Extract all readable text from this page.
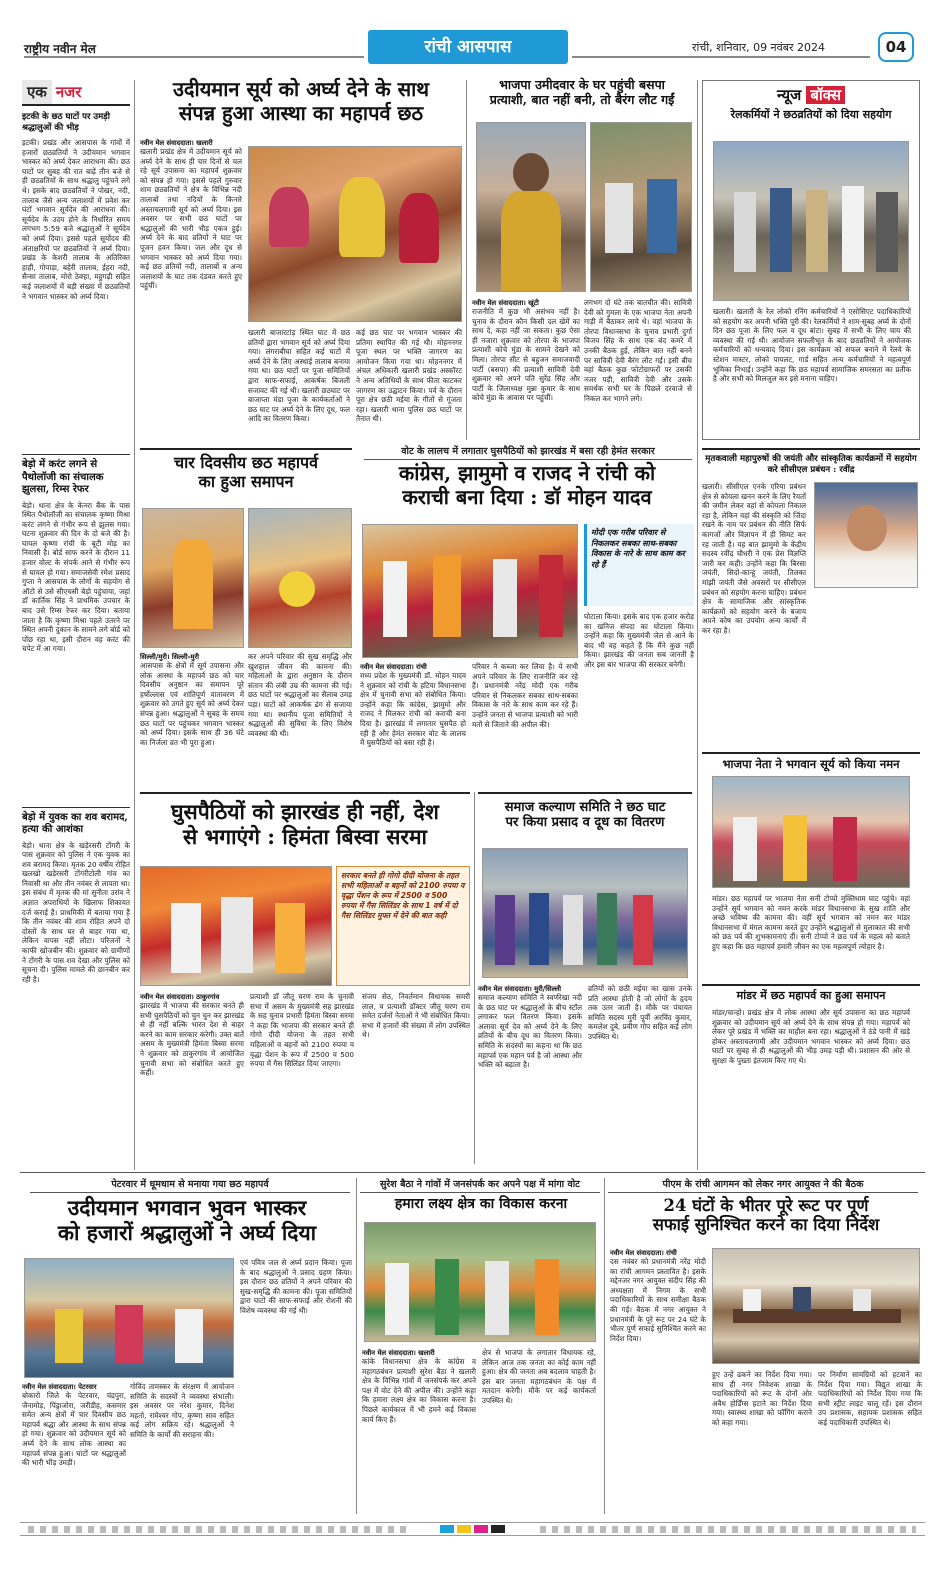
राष्ट्रीय नवीन मेल	रांची आसपास	रांची, शनिवार, 09 नवंबर 2024	04
एक नजर
इटकी के छठ घाटों पर उमड़ी श्रद्धालुओं की भीड़
इटकी। प्रखंड और आसपास के गांवों में हजारों छठव्रतियों ने उदीयमान भगवान भास्कर को अर्घ्य देकर आराधना की। छठ घाटों पर सुबह की रात बाढ़ें तीन बजे से ही छठव्रतियों के साथ श्रद्धालु पहुंचने लगे थे। इसके बाद छठव्रतियों ने पोखर, नदी, तालाब जैसे अन्य जलाशयों में प्रवेश कर घंटों भगवान सूर्यदेव की आराधना की। सूर्यदेव के उदय होने के निर्धारित समय लगभग 5:59 बजे श्रद्धालुओं ने सूर्यदेव को अर्घ्य दिया। इससे पहले सूर्योदय की अंताक्षरियों पर छठव्रतियों ने अर्घ्य दिया। प्रखंड के केशरी तालाब के अतिरिक्त हाही, गोपाड़ा, बहेरी तालाब, ईहरा नदी, सैन्सा तालाब, मोरो ठेक्हा, महुगढ़ी सहित कई जलाशयों में बड़ी संख्या में छठव्रतियों ने भगवान भास्कर को अर्घ्य दिया।
बेड़ो में करंट लगने से पैथोलॉजी का संचालक झुलसा, रिम्स रेफर
बेड़ो। थाना क्षेत्र के केनरा बैंक के पास स्थित पैथोलॉजी का संचालक कृष्णा मिश्रा करंट लगने से गंभीर रूप से झुलस गया। घटना शुक्रवार की दिन के दो बजे की है। घायल कृष्णा रांची के बूटी मोड़ का निवासी है। बोर्ड साफ करने के दौरान 11 हजार वोल्ट के संपर्क आने से गंभीर रूप से घायल हो गया। समाजसेवी रमेश प्रसाद गुप्ता ने आसपास के लोगों के सहयोग से ऑटो से उसे सीएचसी बेड़ो पहुंचाया, जहां डॉ कार्तिक सिंह ने प्राथमिक उपचार के बाद उसे रिम्स रेफर कर दिया। बताया जाता है कि कृष्णा मिश्रा पहले उतरने पर स्थित अपनी दुकान के सामने लगे बोर्ड को पोंछ रहा था, इसी दौरान वह करंट की चपेट में आ गया।
बेड़ो में युवक का शव बरामद, हत्या की आशंका
बेड़ो। थाना क्षेत्र के खड़ेरसरी टोंगरी के पास शुक्रवार को पुलिस ने एक युवक का शव बरामद किया। मृतक 20 वर्षीय रोहित खलखो खड़ेरसरी टोंगरीटोली गांव का निवासी था और तीन नवंबर से लापता था। इस संबंध में मृतक की मां सुनीता उरांव ने अज्ञात अपराधियों के खिलाफ शिकायत दर्ज कराई है। प्राथमिकी में बताया गया है कि तीन नवंबर की शाम रोहित अपने दो दोस्तों के साथ घर से बाहर गया था, लेकिन वापस नहीं लौटा। परिजनों ने काफी खोजबीन की। शुक्रवार को ग्रामीणों ने टोंगरी के पास शव देखा और पुलिस को सूचना दी। पुलिस मामले की छानबीन कर रही है।
उदीयमान सूर्य को अर्घ्य देने के साथ
संपन्न हुआ आस्था का महापर्व छठ
नवीन मेल संवाददाता। खलारी
खलारी प्रखंड क्षेत्र में उदीयमान सूर्य को अर्घ्य देने के साथ ही चार दिनों से चल रहे सूर्य उपासना का महापर्व शुक्रवार को संपन्न हो गया। इससे पहले गुरुवार शाम छठव्रतियों ने क्षेत्र के विभिन्न नदी तालाबों तथा नदियों के किनारे अस्ताचलगामी सूर्य को अर्घ्य दिया। इस अवसर पर सभी छठ घाटों पर श्रद्धालुओं की भारी भीड़ एकत्र हुई। अर्घ्य देने के बाद व्रतियों ने घाट पर पूजन हवन किया। जल और दूध से भगवान भास्कर को अर्घ्य दिया गया। कई छठ व्रतियों नदी, तालाबों व अन्य जलाशयों के घाट तक दंडवत करते हुए पहुंचीं।
खलारी बाजारटांड़ स्थित घाट में छठ व्रतियों द्वारा भगवान सूर्य को अर्घ्य दिया गया। लंगराबीघा सहित कई घाटों में अर्घ्य देने के लिए अस्थाई तालाब बनाया गया था। छठ घाटों पर पूजा समितियों द्वारा साफ-सफाई, आकर्षक बिजली सजावट की गई थी। खलारी छठघाट पर बाजाप्ता मंडा पूजा के कार्यकर्ताओं ने छठ घाट पर अर्घ्य देने के लिए दूध, फल आदि का वितरण किया।
कई छठ घाट पर भगवान भास्कर की प्रतिमा स्थापित की गई थी। मोहननगर पूजा स्थल पर भक्ति जागरण का आयोजन किया गया था। मोहननगर में अंचल अधिकारी खलारी प्रखंड अस्कॉरट ने अन्य अतिथियों के साथ फीता काटकर जागरण का उद्घाटन किया। पर्व के दौरान पूरा क्षेत्र छठी मईया के गीतों से गूंजता रहा। खलारी थाना पुलिस छठ घाटों पर तैनात थी।
भाजपा उमीदवार के घर पहुंची बसपा
प्रत्याशी, बात नहीं बनी, तो बैरंग लौट गईं
नवीन मेल संवाददाता। खूंटी
राजनीति में कुछ भी असंभव नहीं है। चुनाव के दौरान कौन किसी दल खेमें का साथ दे, कहा नहीं जा सकता। कुछ ऐसा ही नजारा शुक्रवार को तोरपा के भाजपा प्रत्याशी कोचे मुंडा के सामने देखने को मिला। तोरपा सीट से बहुजन समाजवादी पार्टी (बसपा) की प्रत्याशी सावित्री देवी शुक्रवार को अपने पति सुरेंद्र सिंह और पार्टी के जिलाध्यक्ष मुन्ना कुमार के साथ कोचे मुंडा के आवास पर पहुंचीं।
लगभग दो घंटे तक बातचीत की। सावित्री देवी को गुमला के एक भाजपा नेता अपनी गाड़ी में बैठाकर लाये थे। वहां भाजपा के तोरपा विधानसभा के चुनाव प्रभारी दुर्गा विजय सिंह के साथ एक बंद कमरे में उनकी बैठक हुई, लेकिन बात नहीं बनने पर सावित्री देवी बैरंग लौट गईं। इसी बीच वहां बैठक कुछ फोटोग्राफरों पर उसकी नजर पड़ी, सावित्री देवी और उसके समर्थक सभी घर के पिछले दरवाजे से निकल कर भागने लगे।
न्यूज बॉक्स
रेलकर्मियों ने छठव्रतियों को दिया सहयोग
खलारी। खलारी के रेल लोको रनिंग कर्मचारियों ने एसोसिएट पदाधिकारियों को सहयोग कर अपनी भक्ति पूरी की। रेलकर्मियों ने शाम-सुबह अर्घ्य के दोनों दिन छठ पूजा के लिए फल व दूध बांटा। सुबह में सभी के लिए चाय की व्यवस्था की गई थी। आयोजन सफलीभूत के बाद छठव्रतियों ने आयोजक कर्मचारियों को धन्यवाद दिया। इस कार्यक्रम को सफल बनाने में रेलवे के स्टेशन मास्टर, लोको पायलट, गार्ड सहित अन्य कर्मचारियों ने महत्वपूर्ण भूमिका निभाई। उन्होंने कहा कि छठ महापर्व सामाजिक समरसता का प्रतीक है और सभी को मिलजुल कर इसे मनाना चाहिए।
मृतकवाली महापुरुषों की जयंती और सांस्कृतिक कार्यक्रमों में सहयोग करे सीसीएल प्रबंधन : रवींद्र
खलारी। सीसीएल एनके एरिया प्रबंधन क्षेत्र से कोयला खनन करने के लिए रैयतों की जमीन लेकर वहां से कोयला निकाल रहा है, लेकिन वहां की संस्कृति को जिंदा रखने के नाम पर प्रबंधन की नीति सिर्फ कागजों और विज्ञापन में ही सिमट कर रह जाती है। यह बात झामुमो के केंद्रीय सदस्य रवींद्र चौधरी ने एक प्रेस विज्ञप्ति जारी कर कही। उन्होंने कहा कि बिरसा जयंती, सिदो-कान्हू जयंती, तिलका मांझी जयंती जैसे अवसरों पर सीसीएल प्रबंधन को सहयोग करना चाहिए। प्रबंधन क्षेत्र के सामाजिक और सांस्कृतिक कार्यक्रमों को सहयोग करने के बजाय अपने कोष का उपयोग अन्य कार्यों में कर रहा है।
भाजपा नेता ने भगवान सूर्य को किया नमन
मांडर। छठ महापर्व पर भाजपा नेता सनी टोप्पो मुक्तिधाम घाट पहुंचे। वहां उन्होंने सूर्य भगवान को नमन करके मांडर विधानसभा के सुख शांति और अच्छे भविष्य की कामना की। वहीं सूर्य भगवान को नमन कर मांडर विधानसभा में मंगल कामना करते हुए उन्होंने श्रद्धालुओं से मुलाकात की सभी को छठ पर्व की शुभकामनाएं दीं। सनी टोप्पो ने छठ पर्व के महत्व को बताते हुए कहा कि छठ महापर्व हमारी जीवन का एक महत्वपूर्ण त्योहार है।
मांडर में छठ महापर्व का हुआ समापन
मांडर/चान्हो। प्रखंड क्षेत्र में लोक आस्था और सूर्य उपासना का छठ महापर्व शुक्रवार को उदीयमान सूर्य को अर्घ्य देने के साथ संपन्न हो गया। महापर्व को लेकर पूरे प्रखंड में भक्ति का माहौल बना रहा। श्रद्धालुओं ने ठंडे पानी में खड़े होकर अस्ताचलगामी और उदीयमान भगवान भास्कर को अर्घ्य दिया। छठ घाटों पर सुबह से ही श्रद्धालुओं की भीड़ उमड़ पड़ी थी। प्रशासन की ओर से सुरक्षा के पुख्ता इंतजाम किए गए थे।
चार दिवसीय छठ महापर्व
का हुआ समापन
सिल्ली/मुरी। सिल्ली-मुरी
आसपास के क्षेत्रों में सूर्य उपासना और लोक आस्था के महापर्व छठ को चार दिवसीय अनुष्ठान का समापन पूरे हर्षोल्लास एवं शांतिपूर्ण वातावरण में शुक्रवार को उगते हुए सूर्य को अर्घ्य देकर संपन्न हुआ। श्रद्धालुओं ने सुबह के समय छठ घाटों पर पहुंचकर भगवान भास्कर को अर्घ्य दिया। इसके साथ ही 36 घंटे का निर्जला व्रत भी पूरा हुआ।
कर अपने परिवार की सुख समृद्धि और खुशहाल जीवन की कामना की। महिलाओं के द्वारा अनुष्ठान के दौरान संतान की लंबी उम्र की कामना की गई। छठ घाटों पर श्रद्धालुओं का सैलाब उमड़ पड़ा। घाटों को आकर्षक ढंग से सजाया गया था। स्थानीय पूजा समितियों ने श्रद्धालुओं की सुविधा के लिए विशेष व्यवस्था की थी।
वोट के लालच में लगातार घुसपैठियों को झारखंड में बसा रही हेमंत सरकार
कांग्रेस, झामुमो व राजद ने रांची को
कराची बना दिया : डॉ मोहन यादव
मोदी एक गरीब परिवार से निकलकर सबका साथ-सबका विकास के नारे के साथ काम कर रहे हैं
घोटाला किया। इसके बाद एक हजार करोड़ का खनिज संपदा का घोटाला किया। उन्होंने कहा कि मुख्यमंत्री जेल से आने के बाद भी वह कहते हैं कि मैंने कुछ नहीं किया। झारखंड की जनता सब जानती है और इस बार भाजपा की सरकार बनेगी।
नवीन मेल संवाददाता। रांची
मध्य प्रदेश के मुख्यमंत्री डॉ. मोहन यादव ने शुक्रवार को रांची के हटिया विधानसभा क्षेत्र में चुनावी सभा को संबोधित किया। उन्होंने कहा कि कांग्रेस, झामुमो और राजद ने मिलकर रांची को कराची बना दिया है। झारखंड में लगातार घुसपैठ हो रही है और हेमंत सरकार वोट के लालच में घुसपैठियों को बसा रही है।
परिवार ने कब्जा कर लिया है। ये सभी अपने परिवार के लिए राजनीति कर रहे हैं। प्रधानमंत्री नरेंद्र मोदी एक गरीब परिवार से निकलकर सबका साथ-सबका विकास के नारे के साथ काम कर रहे हैं। उन्होंने जनता से भाजपा प्रत्याशी को भारी मतों से जिताने की अपील की।
घुसपैठियों को झारखंड ही नहीं, देश
से भगाएंगे : हिमंता बिस्वा सरमा
सरकार बनते ही गोगो दीदी योजना के तहत सभी महिलाओं व बहनों को 2100 रुपया व वृद्धा पेंशन के रूप में 2500 व 500 रुपया में गैस सिलिंडर के साथ 1 वर्ष में दो गैस सिलिंडर मुफ्त में देने की बात कही
नवीन मेल संवाददाता। ठाकुरगांव
झारखंड में भाजपा की सरकार बनते ही सभी घुसपैठियों को चुन चुन कर झारखंड से ही नहीं बल्कि भारत देश से बाहर करने का काम सरकार करेगी। उक्त बातें असम के मुख्यमंत्री हिमंता बिस्वा सरमा ने शुक्रवार को ठाकुरगांव में आयोजित चुनावी सभा को संबोधित करते हुए कहीं।
प्रत्याशी डॉ जीतू चरण राम के चुनावी सभा में असम के मुख्यमंत्री सह झारखंड के सह चुनाव प्रभारी हिमंता बिस्वा सरमा ने कहा कि भाजपा की सरकार बनते ही गोगो दीदी योजना के तहत सभी महिलाओं व बहनों को 2100 रुपया व वृद्धा पेंशन के रूप में 2500 व 500 रुपया में गैस सिलिंडर दिया जाएगा।
संजय सेठ, निवर्तमान विधायक समरी लाल, व प्रत्याशी डॉक्टर जीतू चरण राम समेत दर्जनों नेताओं ने भी संबोधित किया। सभा में हजारों की संख्या में लोग उपस्थित थे।
समाज कल्याण समिति ने छठ घाट
पर किया प्रसाद व दूध का वितरण
नवीन मेल संवाददाता। मुरी/सिल्ली
समाज कल्याण समिति ने स्वर्णरेखा नदी के छठ घाट पर श्रद्धालुओं के बीच स्टॉल लगाकर फल वितरण किया। इसके अलावा सूर्य देव को अर्घ्य देने के लिए व्रतियों के बीच दूध का वितरण किया। समिति के सदस्यों का कहना था कि छठ महापर्व एक महान पर्व है जो आस्था और भक्ति को बढ़ाता है।
व्रतियों को छठी मईया का खास उनके प्रति आस्था होती है जो लोगों के हृदय तक उतर जाती है। मौके पर पंचायत समिति सदस्य मुरी पूर्वी अरविंद कुमार, कमलेश दुबे, प्रवीण गोप सहित कई लोग उपस्थित थे।
पेटरवार में धूमधाम से मनाया गया छठ महापर्व	सुरेश बैठा ने गांवों में जनसंपर्क कर अपने पक्ष में मांगा वोट	पीएम के रांची आगमन को लेकर नगर आयुक्त ने की बैठक
उदीयमान भगवान भुवन भास्कर
को हजारों श्रद्धालुओं ने अर्घ्य दिया
एवं पवित्र जल से अर्घ्य प्रदान किया। पूजा के बाद श्रद्धालुओं ने प्रसाद ग्रहण किया। इस दौरान छठ व्रतियों ने अपने परिवार की सुख-समृद्धि की कामना की। पूजा समितियों द्वारा घाटों की साफ-सफाई और रोशनी की विशेष व्यवस्था की गई थी।
नवीन मेल संवाददाता। पेटरवार
बोकारो जिले के पेटरवार, चंद्रपुरा, जैनामोड़, पिंड्राजोरा, जरीडीह, कसमार समेत अन्य क्षेत्रों में चार दिवसीय छठ महापर्व श्रद्धा और आस्था के साथ संपन्न हो गया। शुक्रवार को उदीयमान सूर्य को अर्घ्य देने के साथ लोक आस्था का महापर्व संपन्न हुआ। घाटों पर श्रद्धालुओं की भारी भीड़ उमड़ी।
गोविंद तामस्कर के संरक्षण में आयोजन समिति के सदस्यों ने व्यवस्था संभाली। इस अवसर पर नरेश कुमार, दिनेश महतो, रामेश्वर गोप, कृष्णा साव सहित कई लोग सक्रिय रहे। श्रद्धालुओं ने समिति के कार्यों की सराहना की।
हमारा लक्ष्य क्षेत्र का विकास करना
नवीन मेल संवाददाता। खलारी
कांके विधानसभा क्षेत्र के कांग्रेस व महागठबंधन प्रत्याशी सुरेश बैठा ने खलारी क्षेत्र के विभिन्न गांवों में जनसंपर्क कर अपने पक्ष में वोट देने की अपील की। उन्होंने कहा कि हमारा लक्ष्य क्षेत्र का विकास करना है। पिछले कार्यकाल में भी हमने कई विकास कार्य किए हैं।
क्षेत्र से भाजपा के लगातार विधायक रहे, लेकिन आज तक जनता का कोई काम नहीं हुआ। क्षेत्र की जनता अब बदलाव चाहती है। इस बार जनता महागठबंधन के पक्ष में मतदान करेगी। मौके पर कई कार्यकर्ता उपस्थित थे।
24 घंटों के भीतर पूरे रूट पर पूर्ण
सफाई सुनिश्चित करने का दिया निर्देश
नवीन मेल संवाददाता। रांची
दस नवंबर को प्रधानमंत्री नरेंद्र मोदी का रांची आगमन प्रस्तावित है। इसके मद्देनजर नगर आयुक्त संदीप सिंह की अध्यक्षता में निगम के सभी पदाधिकारियों के साथ समीक्षा बैठक की गई। बैठक में नगर आयुक्त ने प्रधानमंत्री के पूरे रूट पर 24 घंटे के भीतर पूर्ण सफाई सुनिश्चित करने का निर्देश दिया।
हुए उन्हें ढकने का निर्देश दिया गया। साथ ही नगर निवेशक शाखा के पदाधिकारियों को रूट के दोनों ओर अवैध होर्डिंग्स हटाने का निर्देश दिया गया। स्वास्थ्य शाखा को फॉगिंग कराने को कहा गया।
पर निर्माण सामग्रियों को हटवाने का निर्देश दिया गया। विद्युत शाखा के पदाधिकारियों को निर्देश दिया गया कि सभी स्ट्रीट लाइट चालू रहें। इस दौरान उप प्रशासक, सहायक प्रशासक सहित कई पदाधिकारी उपस्थित थे।
